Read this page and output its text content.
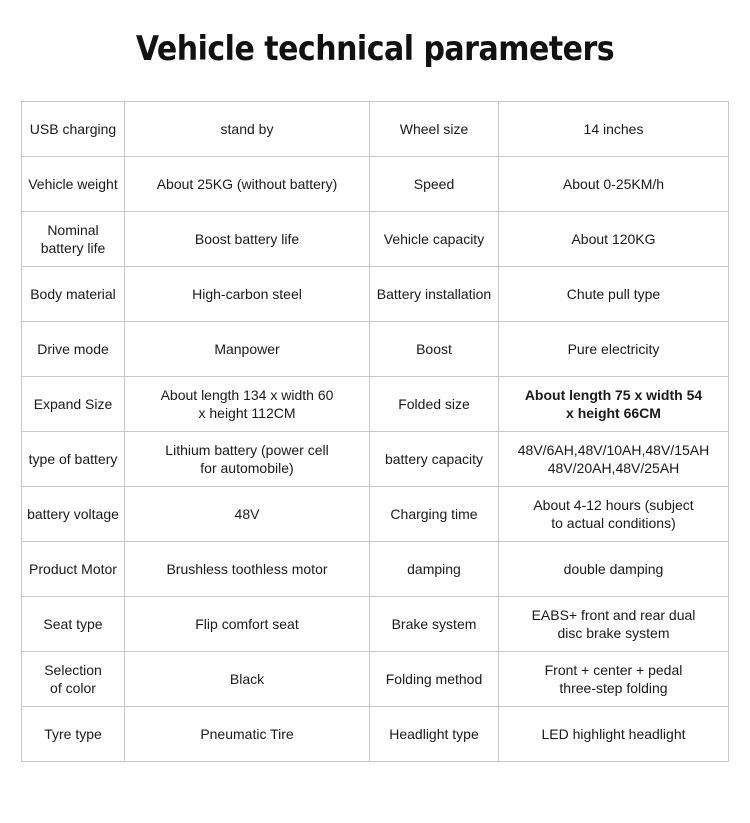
Vehicle technical parameters
USB charging	stand by	Wheel size	14 inches
Vehicle weight	About 25KG (without battery)	Speed	About 0-25KM/h
Nominal
battery life	Boost battery life	Vehicle capacity	About 120KG
Body material	High-carbon steel	Battery installation	Chute pull type
Drive mode	Manpower	Boost	Pure electricity
Expand Size	About length 134 x width 60
x height 112CM	Folded size	About length 75 x width 54
x height 66CM
type of battery	Lithium battery (power cell
for automobile)	battery capacity	48V/6AH,48V/10AH,48V/15AH
48V/20AH,48V/25AH
battery voltage	48V	Charging time	About 4-12 hours (subject
to actual conditions)
Product Motor	Brushless toothless motor	damping	double damping
Seat type	Flip comfort seat	Brake system	EABS+ front and rear dual
disc brake system
Selection
of color	Black	Folding method	Front + center + pedal
three-step folding
Tyre type	Pneumatic Tire	Headlight type	LED highlight headlight
